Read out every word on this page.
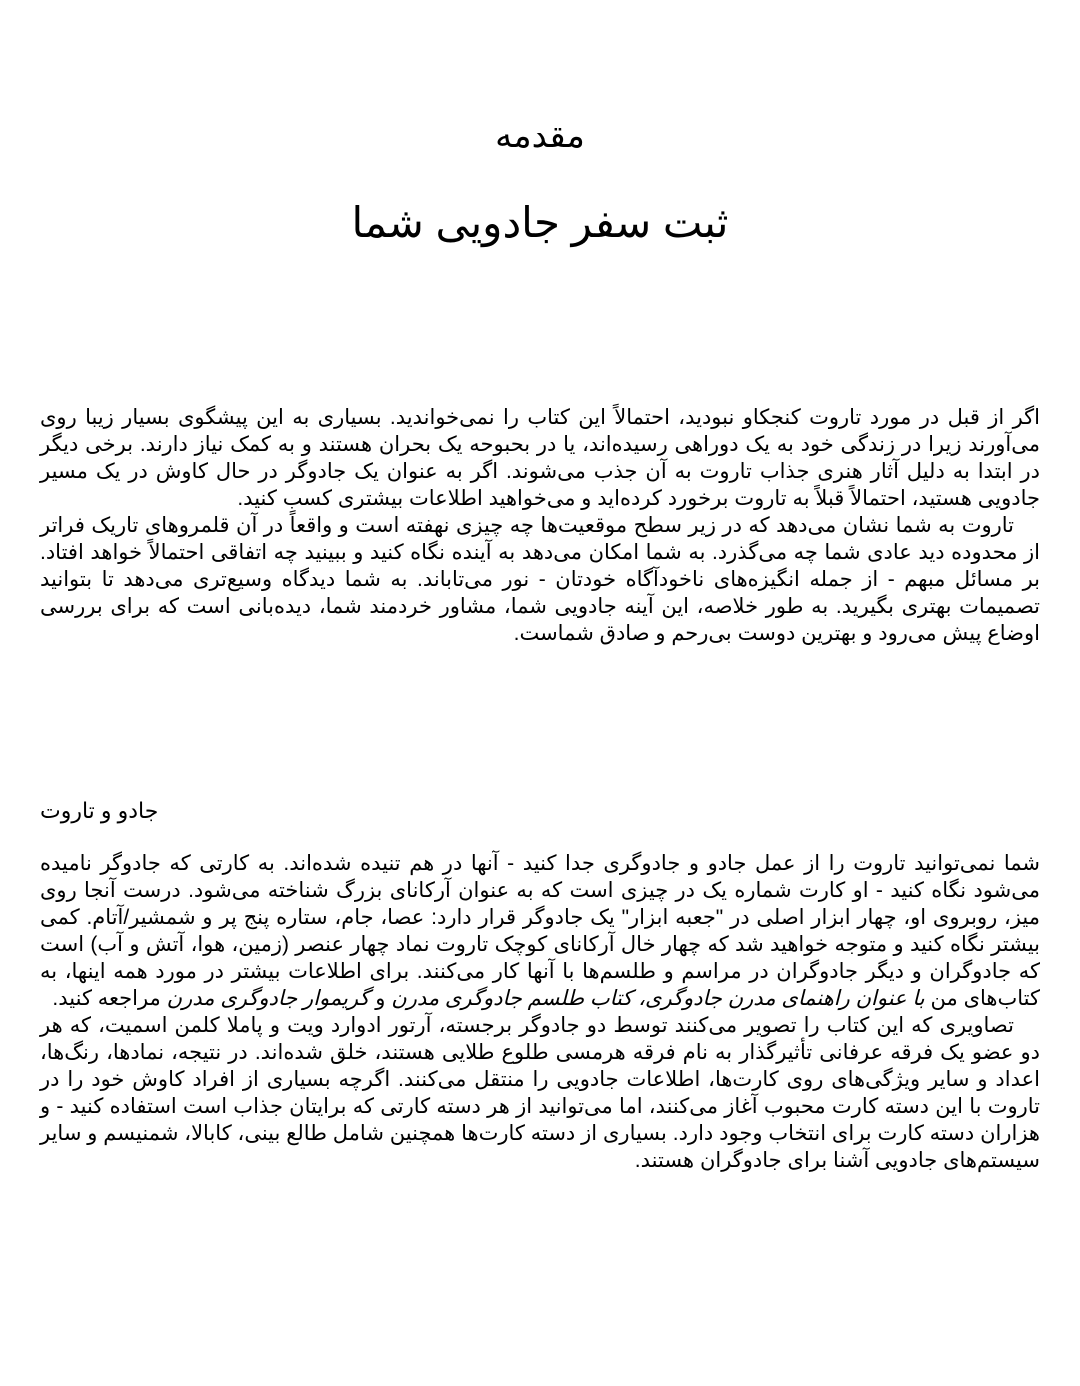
مقدمه
ثبت سفر جادویی شما

اگر از قبل در مورد تاروت کنجکاو نبودید، احتمالاً این کتاب را نمی‌خواندید. بسیاری به این پیشگوی بسیار زیبا روی می‌آورند زیرا در زندگی خود به یک دوراهی رسیده‌اند، یا در بحبوحه یک بحران هستند و به کمک نیاز دارند. برخی دیگر در ابتدا به دلیل آثار هنری جذاب تاروت به آن جذب می‌شوند. اگر به عنوان یک جادوگر در حال کاوش در یک مسیر جادویی هستید، احتمالاً قبلاً به تاروت برخورد کرده‌اید و می‌خواهید اطلاعات بیشتری کسب کنید.

تاروت به شما نشان می‌دهد که در زیر سطح موقعیت‌ها چه چیزی نهفته است و واقعاً در آن قلمروهای تاریک فراتر از محدوده دید عادی شما چه می‌گذرد. به شما امکان می‌دهد به آینده نگاه کنید و ببینید چه اتفاقی احتمالاً خواهد افتاد. بر مسائل مبهم - از جمله انگیزه‌های ناخودآگاه خودتان - نور می‌تاباند. به شما دیدگاه وسیع‌تری می‌دهد تا بتوانید تصمیمات بهتری بگیرید. به طور خلاصه، این آینه جادویی شما، مشاور خردمند شما، دیده‌بانی است که برای بررسی اوضاع پیش می‌رود و بهترین دوست بی‌رحم و صادق شماست.

جادو و تاروت

شما نمی‌توانید تاروت را از عمل جادو و جادوگری جدا کنید - آنها در هم تنیده شده‌اند. به کارتی که جادوگر نامیده می‌شود نگاه کنید - او کارت شماره یک در چیزی است که به عنوان آرکانای بزرگ شناخته می‌شود. درست آنجا روی میز، روبروی او، چهار ابزار اصلی در "جعبه ابزار" یک جادوگر قرار دارد: عصا، جام، ستاره پنج پر و شمشیر/آتام. کمی بیشتر نگاه کنید و متوجه خواهید شد که چهار خال آرکانای کوچک تاروت نماد چهار عنصر (زمین، هوا، آتش و آب) است که جادوگران و دیگر جادوگران در مراسم و طلسم‌ها با آنها کار می‌کنند. برای اطلاعات بیشتر در مورد همه اینها، به کتاب‌های من با عنوان راهنمای مدرن جادوگری، کتاب طلسم جادوگری مدرن و گریموار جادوگری مدرن مراجعه کنید.

تصاویری که این کتاب را تصویر می‌کنند توسط دو جادوگر برجسته، آرتور ادوارد ویت و پاملا کلمن اسمیت، که هر دو عضو یک فرقه عرفانی تأثیرگذار به نام فرقه هرمسی طلوع طلایی هستند، خلق شده‌اند. در نتیجه، نمادها، رنگ‌ها، اعداد و سایر ویژگی‌های روی کارت‌ها، اطلاعات جادویی را منتقل می‌کنند. اگرچه بسیاری از افراد کاوش خود را در تاروت با این دسته کارت محبوب آغاز می‌کنند، اما می‌توانید از هر دسته کارتی که برایتان جذاب است استفاده کنید - و هزاران دسته کارت برای انتخاب وجود دارد. بسیاری از دسته کارت‌ها همچنین شامل طالع بینی، کابالا، شمنیسم و سایر سیستم‌های جادویی آشنا برای جادوگران هستند.
